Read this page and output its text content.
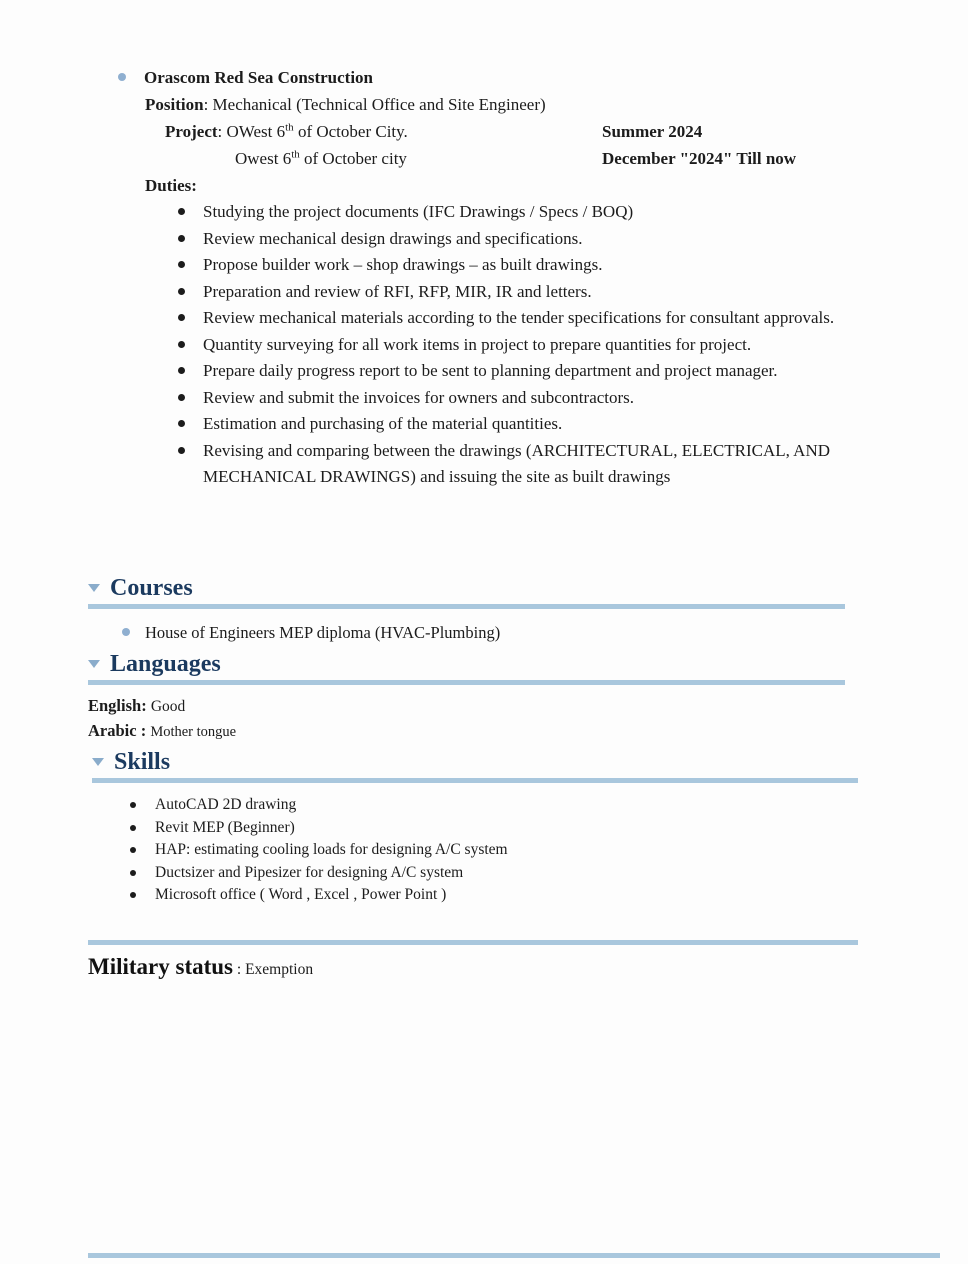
Orascom Red Sea Construction
Position: Mechanical (Technical Office and Site Engineer)
Project: OWest 6th of October City.	Summer 2024
Owest 6th of October city	December "2024" Till now
Duties:
Studying the project documents (IFC Drawings / Specs / BOQ)
Review mechanical design drawings and specifications.
Propose builder work – shop drawings – as built drawings.
Preparation and review of RFI, RFP, MIR, IR and letters.
Review mechanical materials according to the tender specifications for consultant approvals.
Quantity surveying for all work items in project to prepare quantities for project.
Prepare daily progress report to be sent to planning department and project manager.
Review and submit the invoices for owners and subcontractors.
Estimation and purchasing of the material quantities.
Revising and comparing between the drawings (ARCHITECTURAL, ELECTRICAL, AND MECHANICAL DRAWINGS) and issuing the site as built drawings
Courses
House of Engineers MEP diploma (HVAC-Plumbing)
Languages
English: Good
Arabic : Mother tongue
Skills
AutoCAD 2D drawing
Revit MEP (Beginner)
HAP: estimating cooling loads for designing A/C system
Ductsizer and Pipesizer for designing A/C system
Microsoft office ( Word , Excel , Power Point )
Military status : Exemption
